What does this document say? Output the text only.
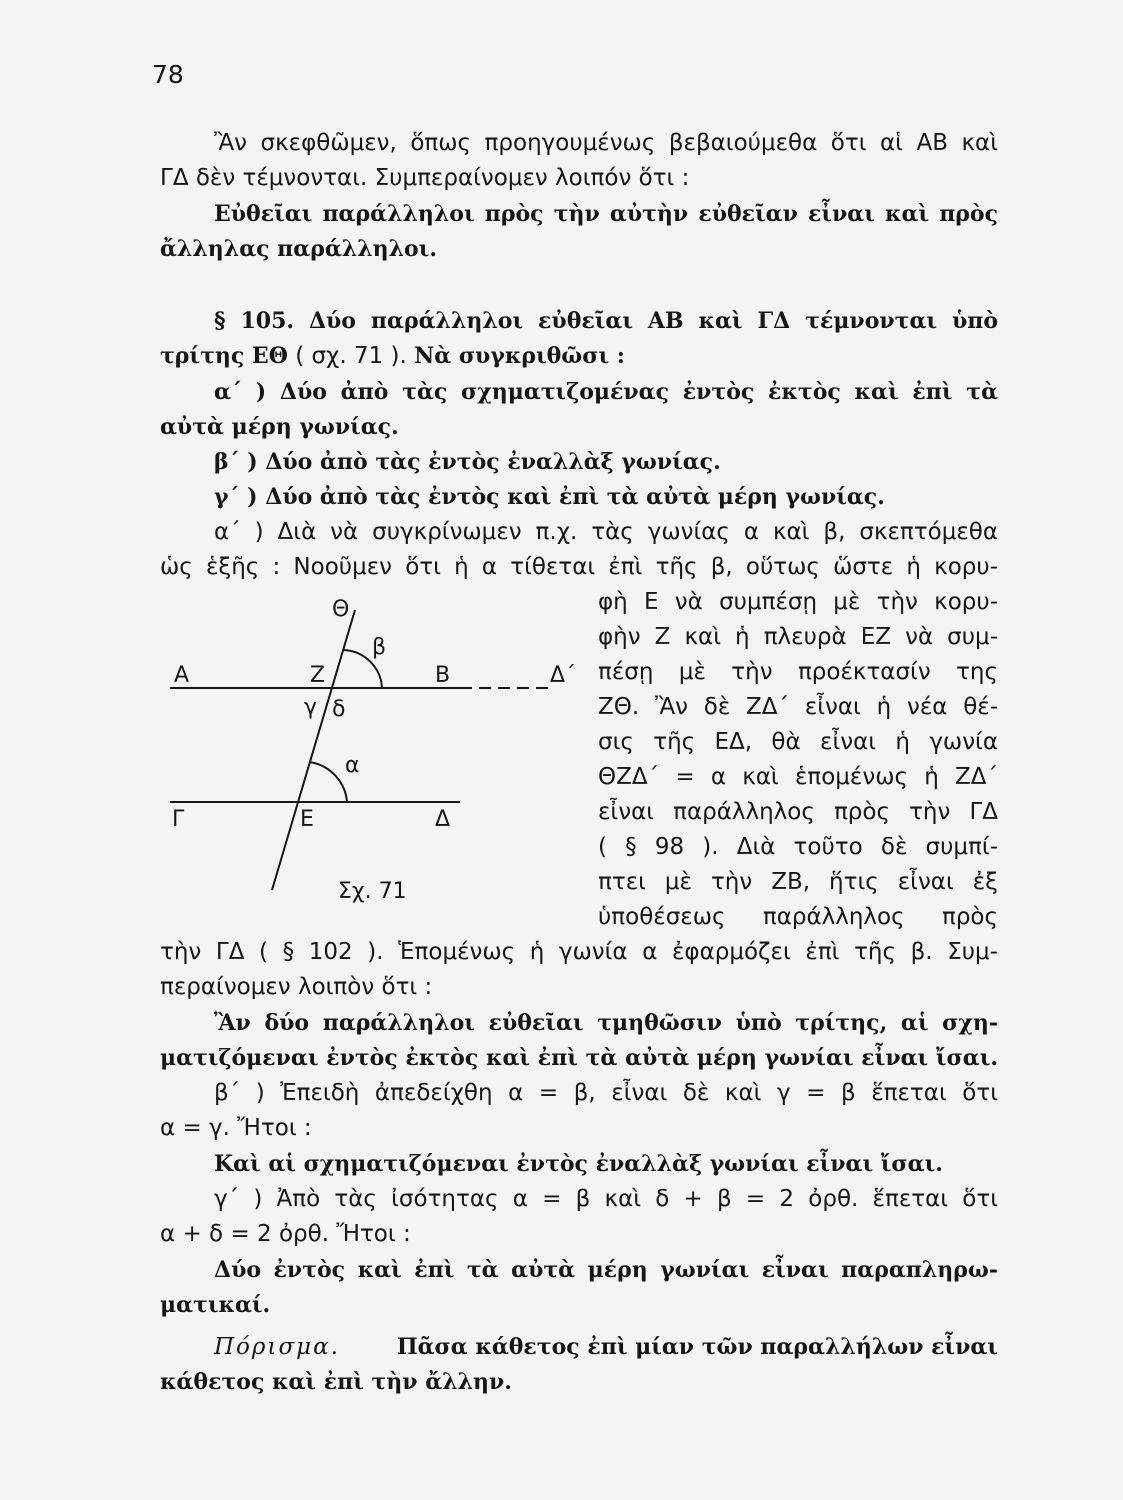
78
Ἂν σκεφθῶμεν, ὅπως προηγουμένως βεβαιούμεθα ὅτι αἱ ΑΒ καὶ
ΓΔ δὲν τέμνονται. Συμπεραίνομεν λοιπόν ὅτι :
Εὐθεῖαι παράλληλοι πρὸς τὴν αὐτὴν εὐθεῖαν εἶναι καὶ πρὸς
ἄλληλας παράλληλοι.
§ 105. Δύο παράλληλοι εὐθεῖαι ΑΒ καὶ ΓΔ τέμνονται ὑπὸ
τρίτης ΕΘ ( σχ. 71 ). Νὰ συγκριθῶσι :
α΄ ) Δύο ἀπὸ τὰς σχηματιζομένας ἐντὸς ἐκτὸς καὶ ἐπὶ τὰ
αὐτὰ μέρη γωνίας.
β΄ ) Δύο ἀπὸ τὰς ἐντὸς ἐναλλὰξ γωνίας.
γ΄ ) Δύο ἀπὸ τὰς ἐντὸς καὶ ἐπὶ τὰ αὐτὰ μέρη γωνίας.
α΄ ) Διὰ νὰ συγκρίνωμεν π.χ. τὰς γωνίας α καὶ β, σκεπτόμεθα
ὡς ἑξῆς : Νοοῦμεν ὅτι ἡ α τίθεται ἐπὶ τῆς β, οὕτως ὥστε ἡ κορυ-
φὴ Ε νὰ συμπέσῃ μὲ τὴν κορυ-
φὴν Ζ καὶ ἡ πλευρὰ ΕΖ νὰ συμ-
πέσῃ μὲ τὴν προέκτασίν της
ΖΘ. Ἂν δὲ ΖΔ΄ εἶναι ἡ νέα θέ-
σις τῆς ΕΔ, θὰ εἶναι ἡ γωνία
ΘΖΔ΄ = α καὶ ἑπομένως ἡ ΖΔ΄
εἶναι παράλληλος πρὸς τὴν ΓΔ
( § 98 ). Διὰ τοῦτο δὲ συμπί-
πτει μὲ τὴν ΖΒ, ἥτις εἶναι ἐξ
ὑποθέσεως παράλληλος πρὸς
Θ
β
Α	Ζ	Β	Δ΄
γ δ
α
Γ	Ε	Δ
Σχ. 71
τὴν ΓΔ ( § 102 ). Ἑπομένως ἡ γωνία α ἐφαρμόζει ἐπὶ τῆς β. Συμ-
περαίνομεν λοιπὸν ὅτι :
Ἂν δύο παράλληλοι εὐθεῖαι τμηθῶσιν ὑπὸ τρίτης, αἱ σχη-
ματιζόμεναι ἐντὸς ἐκτὸς καὶ ἐπὶ τὰ αὐτὰ μέρη γωνίαι εἶναι ἴσαι.
β΄ ) Ἐπειδὴ ἀπεδείχθη α = β, εἶναι δὲ καὶ γ = β ἕπεται ὅτι
α = γ. Ἤτοι :
Καὶ αἱ σχηματιζόμεναι ἐντὸς ἐναλλὰξ γωνίαι εἶναι ἴσαι.
γ΄ ) Ἀπὸ τὰς ἰσότητας α = β καὶ δ + β = 2 ὀρθ. ἕπεται ὅτι
α + δ = 2 ὀρθ. Ἤτοι :
Δύο ἐντὸς καὶ ἐπὶ τὰ αὐτὰ μέρη γωνίαι εἶναι παραπληρω-
ματικαί.
Πόρισμα.	Πᾶσα κάθετος ἐπὶ μίαν τῶν παραλλήλων εἶναι
κάθετος καὶ ἐπὶ τὴν ἄλλην.
